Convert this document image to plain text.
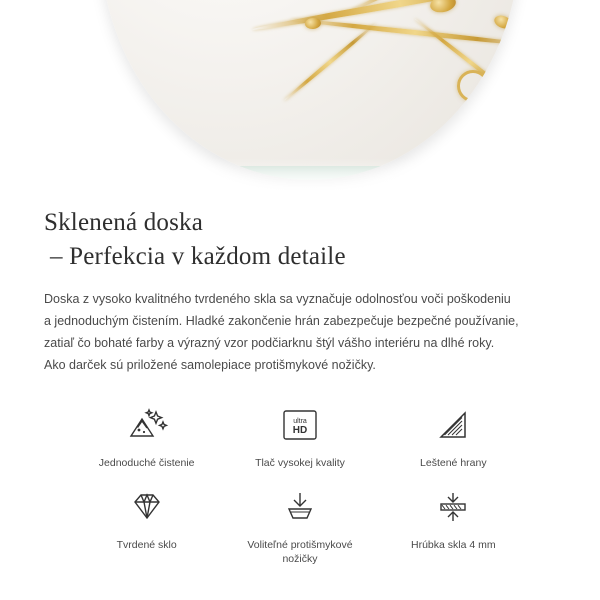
Sklenená doska
– Perfekcia v každom detaile

Doska z vysoko kvalitného tvrdeného skla sa vyznačuje odolnosťou voči poškodeniu
a jednoduchým čistením. Hladké zakončenie hrán zabezpečuje bezpečné používanie,
zatiaľ čo bohaté farby a výrazný vzor podčiarknu štýl vášho interiéru na dlhé roky.
Ako darček sú priložené samolepiace protišmykové nožičky.

Jednoduché čistenie
ultra
HD
Tlač vysokej kvality	Leštené hrany
Tvrdené sklo	Voliteľné protišmykové nožičky
Hrúbka skla 4 mm
